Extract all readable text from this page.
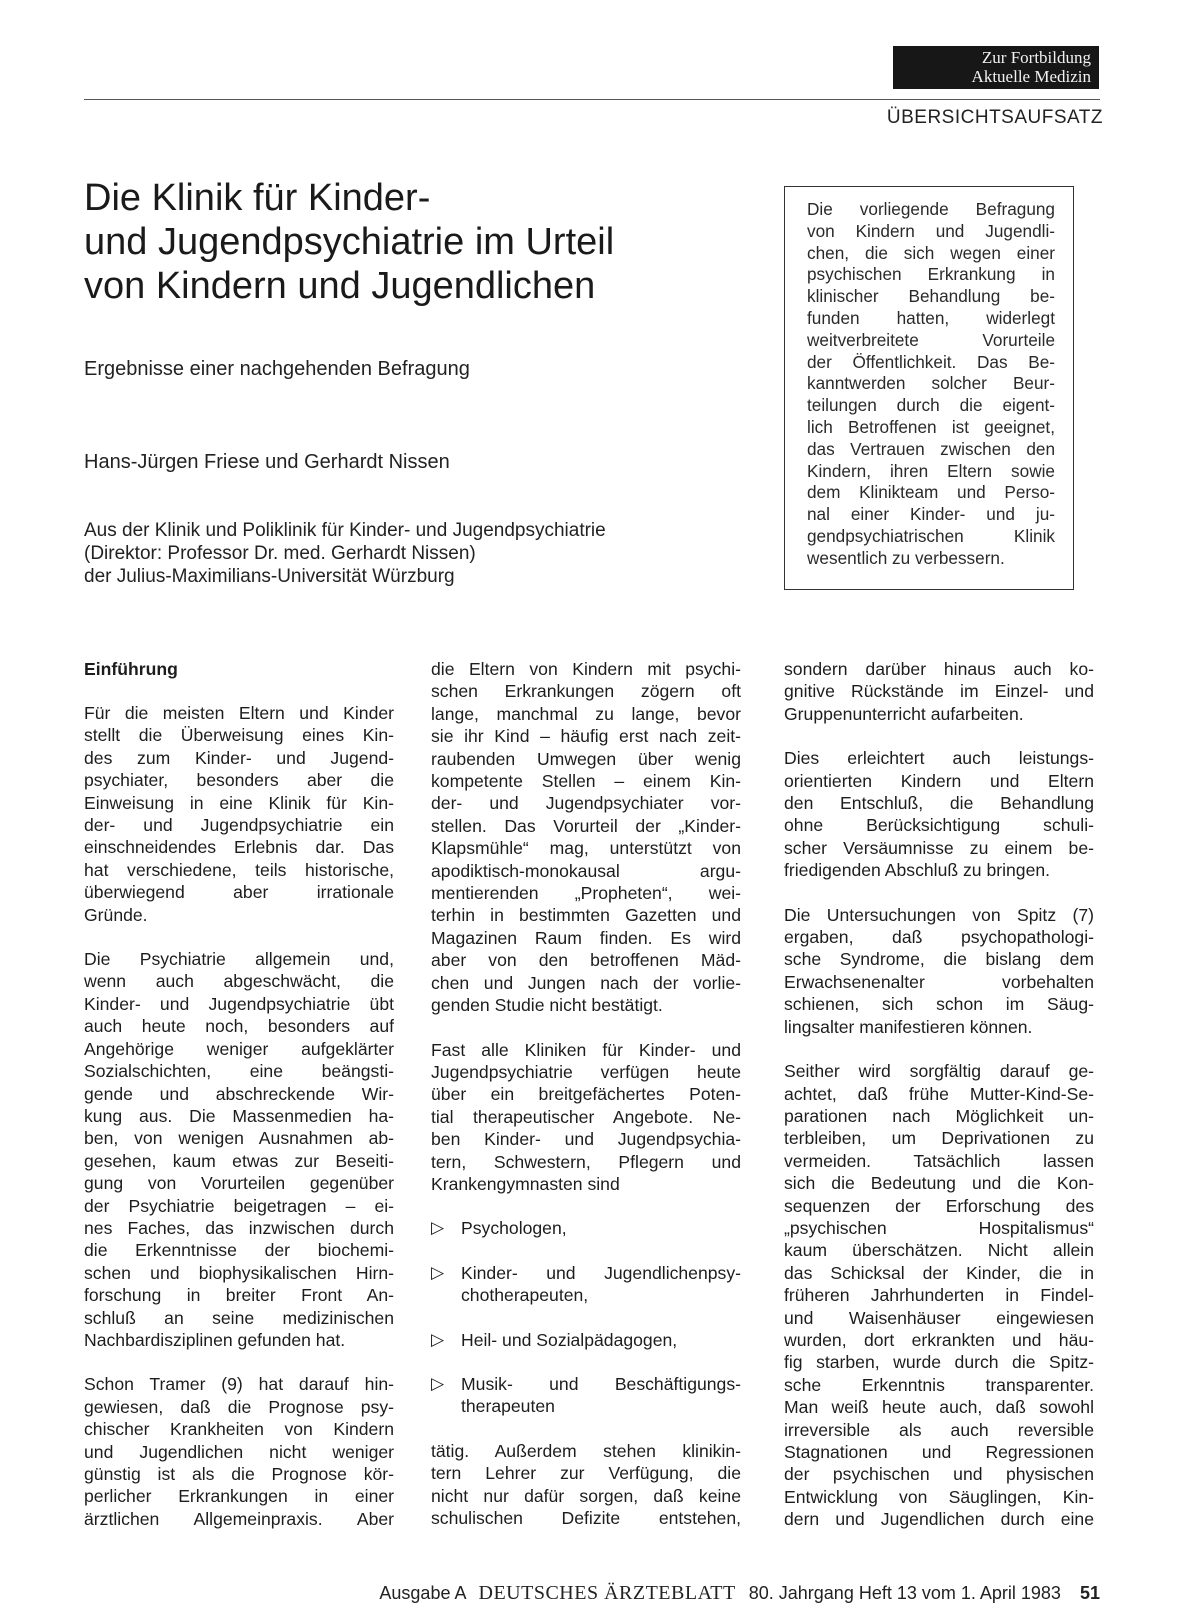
Zur Fortbildung
Aktuelle Medizin
ÜBERSICHTSAUFSATZ
Die Klinik für Kinder-
und Jugendpsychiatrie im Urteil
von Kindern und Jugendlichen
Ergebnisse einer nachgehenden Befragung
Hans-Jürgen Friese und Gerhardt Nissen
Aus der Klinik und Poliklinik für Kinder- und Jugendpsychiatrie
(Direktor: Professor Dr. med. Gerhardt Nissen)
der Julius-Maximilians-Universität Würzburg
Die vorliegende Befragung
von Kindern und Jugendli-
chen, die sich wegen einer
psychischen Erkrankung in
klinischer Behandlung be-
funden hatten, widerlegt
weitverbreitete Vorurteile
der Öffentlichkeit. Das Be-
kanntwerden solcher Beur-
teilungen durch die eigent-
lich Betroffenen ist geeignet,
das Vertrauen zwischen den
Kindern, ihren Eltern sowie
dem Klinikteam und Perso-
nal einer Kinder- und ju-
gendpsychiatrischen Klinik
wesentlich zu verbessern.
Einführung

Für die meisten Eltern und Kinder
stellt die Überweisung eines Kin-
des zum Kinder- und Jugend-
psychiater, besonders aber die
Einweisung in eine Klinik für Kin-
der- und Jugendpsychiatrie ein
einschneidendes Erlebnis dar. Das
hat verschiedene, teils historische,
überwiegend aber irrationale
Gründe.

Die Psychiatrie allgemein und,
wenn auch abgeschwächt, die
Kinder- und Jugendpsychiatrie übt
auch heute noch, besonders auf
Angehörige weniger aufgeklärter
Sozialschichten, eine beängsti-
gende und abschreckende Wir-
kung aus. Die Massenmedien ha-
ben, von wenigen Ausnahmen ab-
gesehen, kaum etwas zur Beseiti-
gung von Vorurteilen gegenüber
der Psychiatrie beigetragen – ei-
nes Faches, das inzwischen durch
die Erkenntnisse der biochemi-
schen und biophysikalischen Hirn-
forschung in breiter Front An-
schluß an seine medizinischen
Nachbardisziplinen gefunden hat.

Schon Tramer (9) hat darauf hin-
gewiesen, daß die Prognose psy-
chischer Krankheiten von Kindern
und Jugendlichen nicht weniger
günstig ist als die Prognose kör-
perlicher Erkrankungen in einer
ärztlichen Allgemeinpraxis. Aber

die Eltern von Kindern mit psychi-
schen Erkrankungen zögern oft
lange, manchmal zu lange, bevor
sie ihr Kind – häufig erst nach zeit-
raubenden Umwegen über wenig
kompetente Stellen – einem Kin-
der- und Jugendpsychiater vor-
stellen. Das Vorurteil der „Kinder-
Klapsmühle“ mag, unterstützt von
apodiktisch-monokausal argu-
mentierenden „Propheten“, wei-
terhin in bestimmten Gazetten und
Magazinen Raum finden. Es wird
aber von den betroffenen Mäd-
chen und Jungen nach der vorlie-
genden Studie nicht bestätigt.

Fast alle Kliniken für Kinder- und
Jugendpsychiatrie verfügen heute
über ein breitgefächertes Poten-
tial therapeutischer Angebote. Ne-
ben Kinder- und Jugendpsychia-
tern, Schwestern, Pflegern und
Krankengymnasten sind

▷ Psychologen,
▷ Kinder- und Jugendlichenpsy-
chotherapeuten,
▷ Heil- und Sozialpädagogen,
▷ Musik- und Beschäftigungs-
therapeuten

tätig. Außerdem stehen klinikin-
tern Lehrer zur Verfügung, die
nicht nur dafür sorgen, daß keine
schulischen Defizite entstehen,

sondern darüber hinaus auch ko-
gnitive Rückstände im Einzel- und
Gruppenunterricht aufarbeiten.

Dies erleichtert auch leistungs-
orientierten Kindern und Eltern
den Entschluß, die Behandlung
ohne Berücksichtigung schuli-
scher Versäumnisse zu einem be-
friedigenden Abschluß zu bringen.

Die Untersuchungen von Spitz (7)
ergaben, daß psychopathologi-
sche Syndrome, die bislang dem
Erwachsenenalter vorbehalten
schienen, sich schon im Säug-
lingsalter manifestieren können.

Seither wird sorgfältig darauf ge-
achtet, daß frühe Mutter-Kind-Se-
parationen nach Möglichkeit un-
terbleiben, um Deprivationen zu
vermeiden. Tatsächlich lassen
sich die Bedeutung und die Kon-
sequenzen der Erforschung des
„psychischen Hospitalismus“
kaum überschätzen. Nicht allein
das Schicksal der Kinder, die in
früheren Jahrhunderten in Findel-
und Waisenhäuser eingewiesen
wurden, dort erkrankten und häu-
fig starben, wurde durch die Spitz-
sche Erkenntnis transparenter.
Man weiß heute auch, daß sowohl
irreversible als auch reversible
Stagnationen und Regressionen
der psychischen und physischen
Entwicklung von Säuglingen, Kin-
dern und Jugendlichen durch eine

Ausgabe A DEUTSCHES ÄRZTEBLATT 80. Jahrgang Heft 13 vom 1. April 1983 51
